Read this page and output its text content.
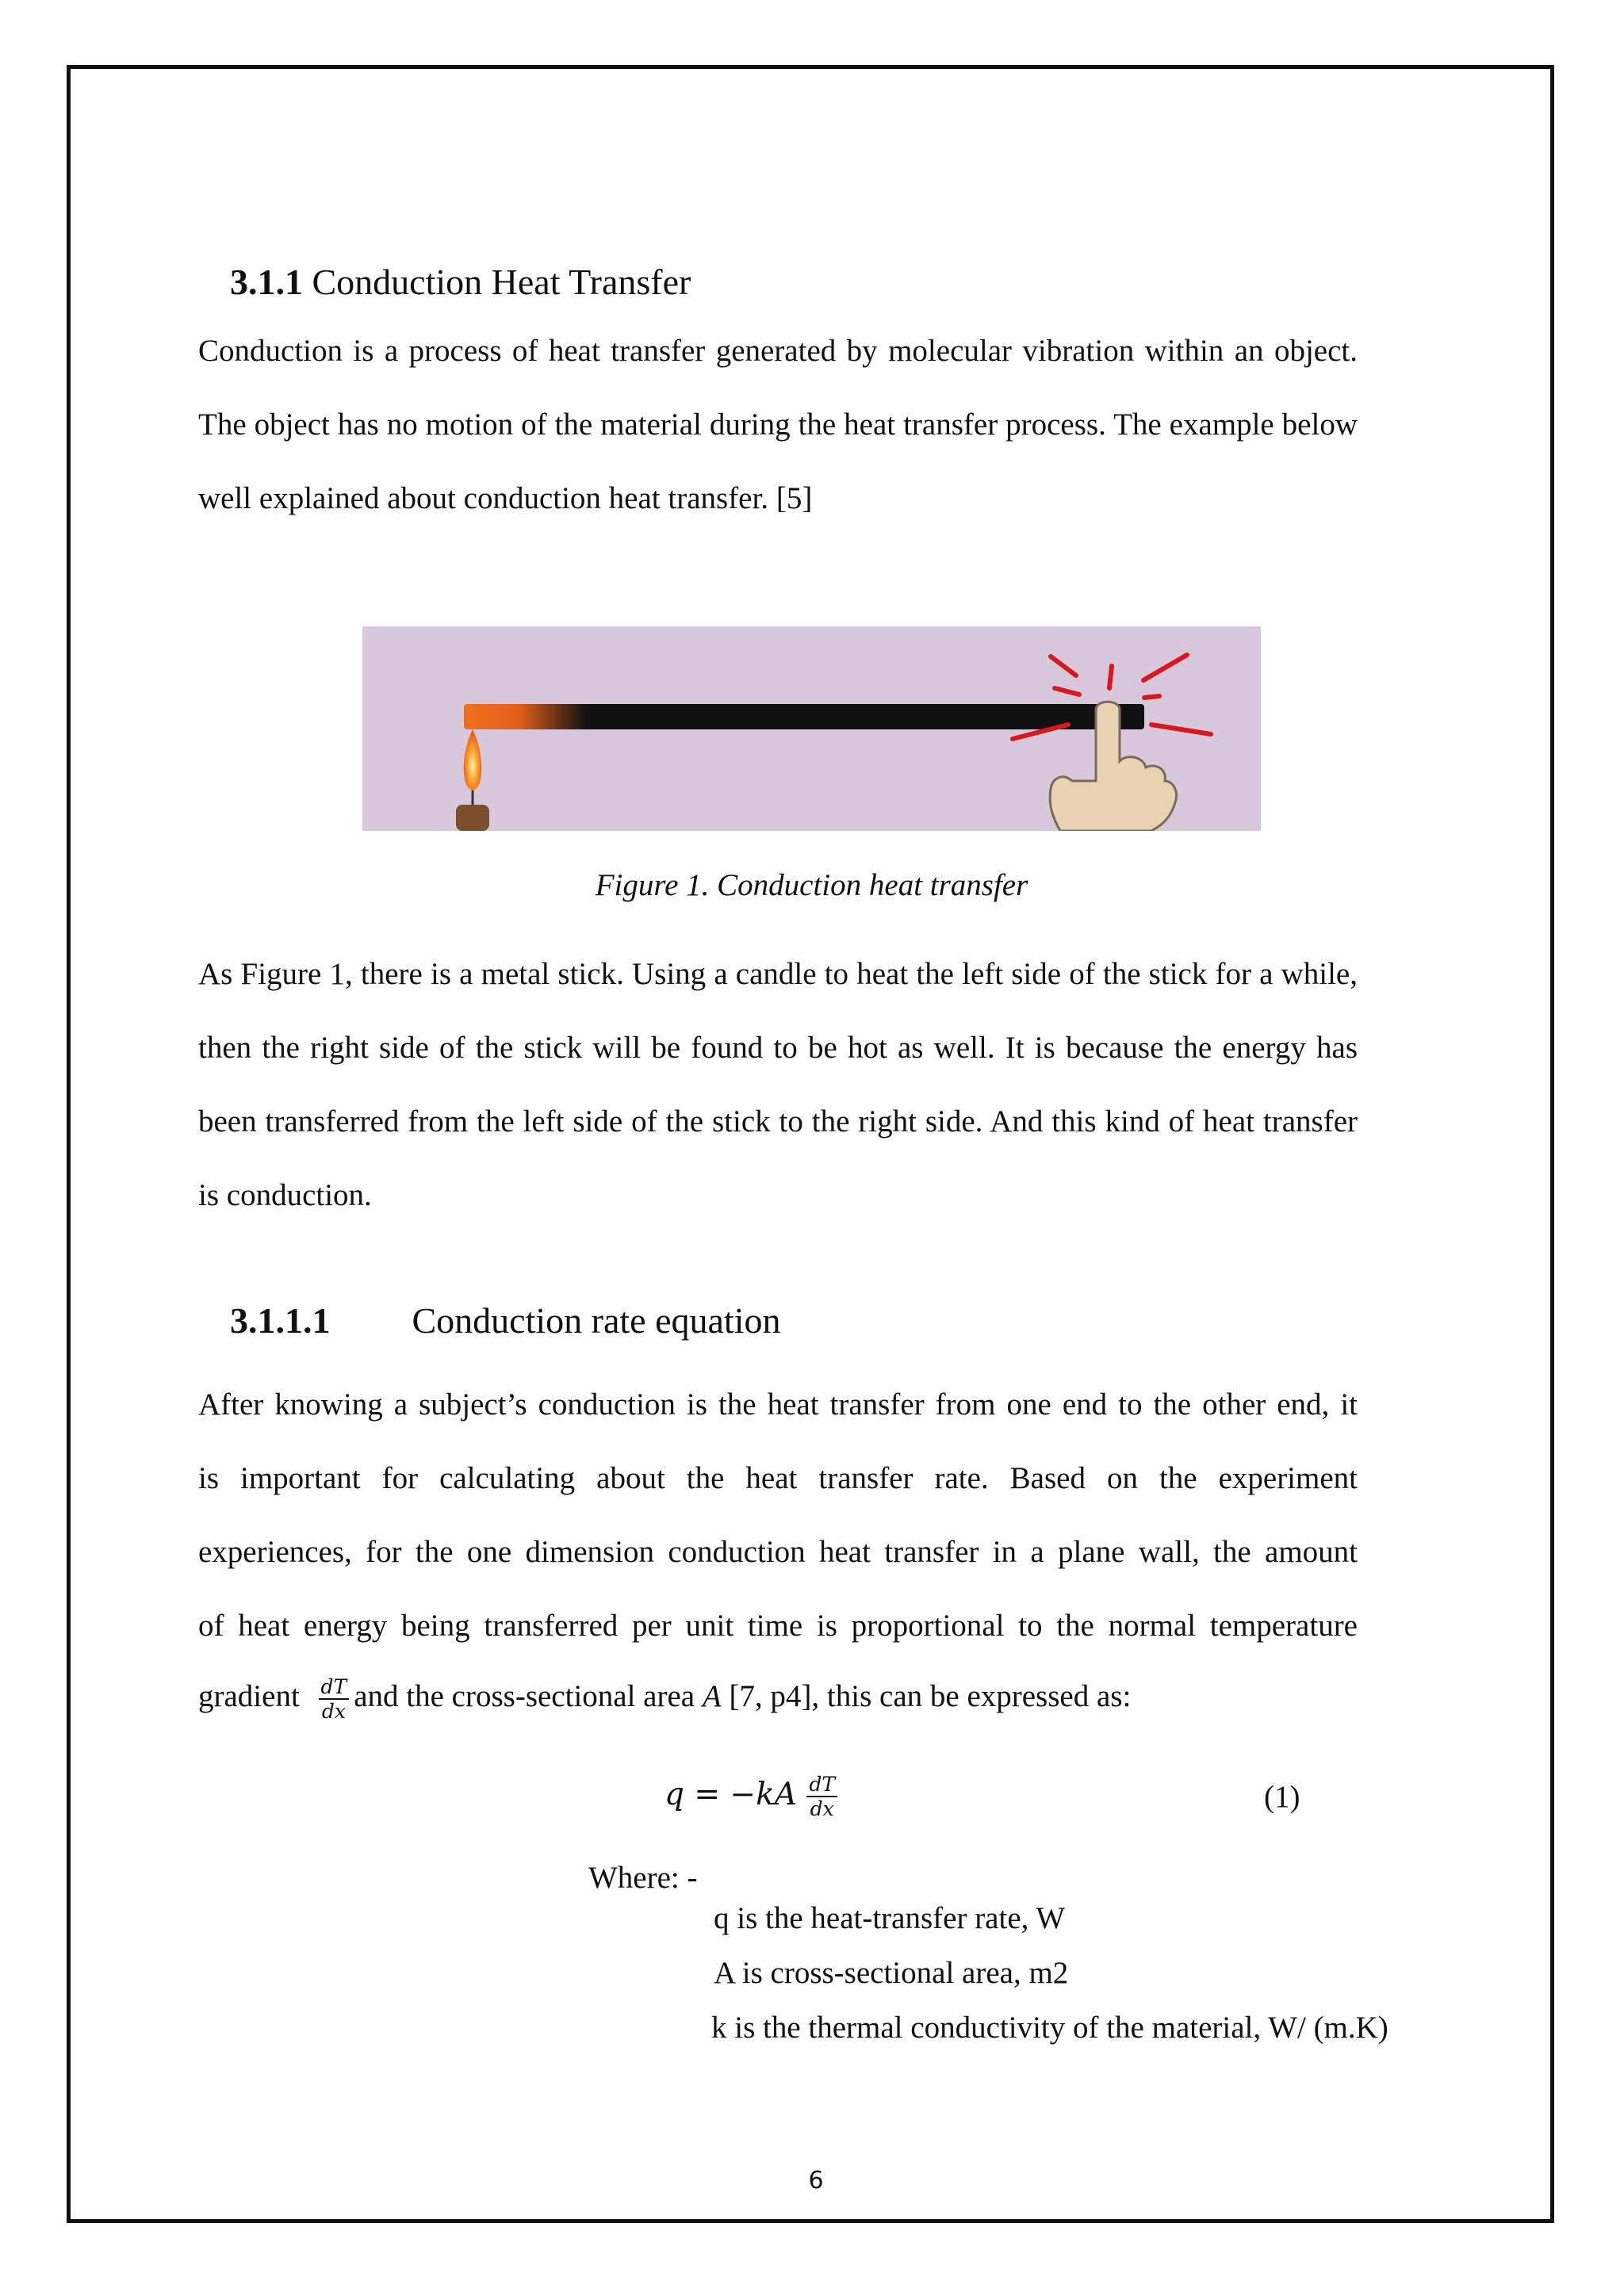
3.1.1 Conduction Heat Transfer
Conduction is a process of heat transfer generated by molecular vibration within an object. The object has no motion of the material during the heat transfer process. The example below well explained about conduction heat transfer. [5]
Figure 1. Conduction heat transfer
As Figure 1, there is a metal stick. Using a candle to heat the left side of the stick for a while, then the right side of the stick will be found to be hot as well. It is because the energy has been transferred from the left side of the stick to the right side. And this kind of heat transfer is conduction.
3.1.1.1 Conduction rate equation
After knowing a subject’s conduction is the heat transfer from one end to the other end, it
is important for calculating about the heat transfer rate. Based on the experiment
experiences, for the one dimension conduction heat transfer in a plane wall, the amount
of heat energy being transferred per unit time is proportional to the normal temperature
gradient $\frac{dT}{dx}$ and the cross-sectional area A [7, p4], this can be expressed as:
$q = -kA \frac{dT}{dx}$	(1)
Where: -
q is the heat-transfer rate, W
A is cross-sectional area, m2
k is the thermal conductivity of the material, W/ (m.K)
6
